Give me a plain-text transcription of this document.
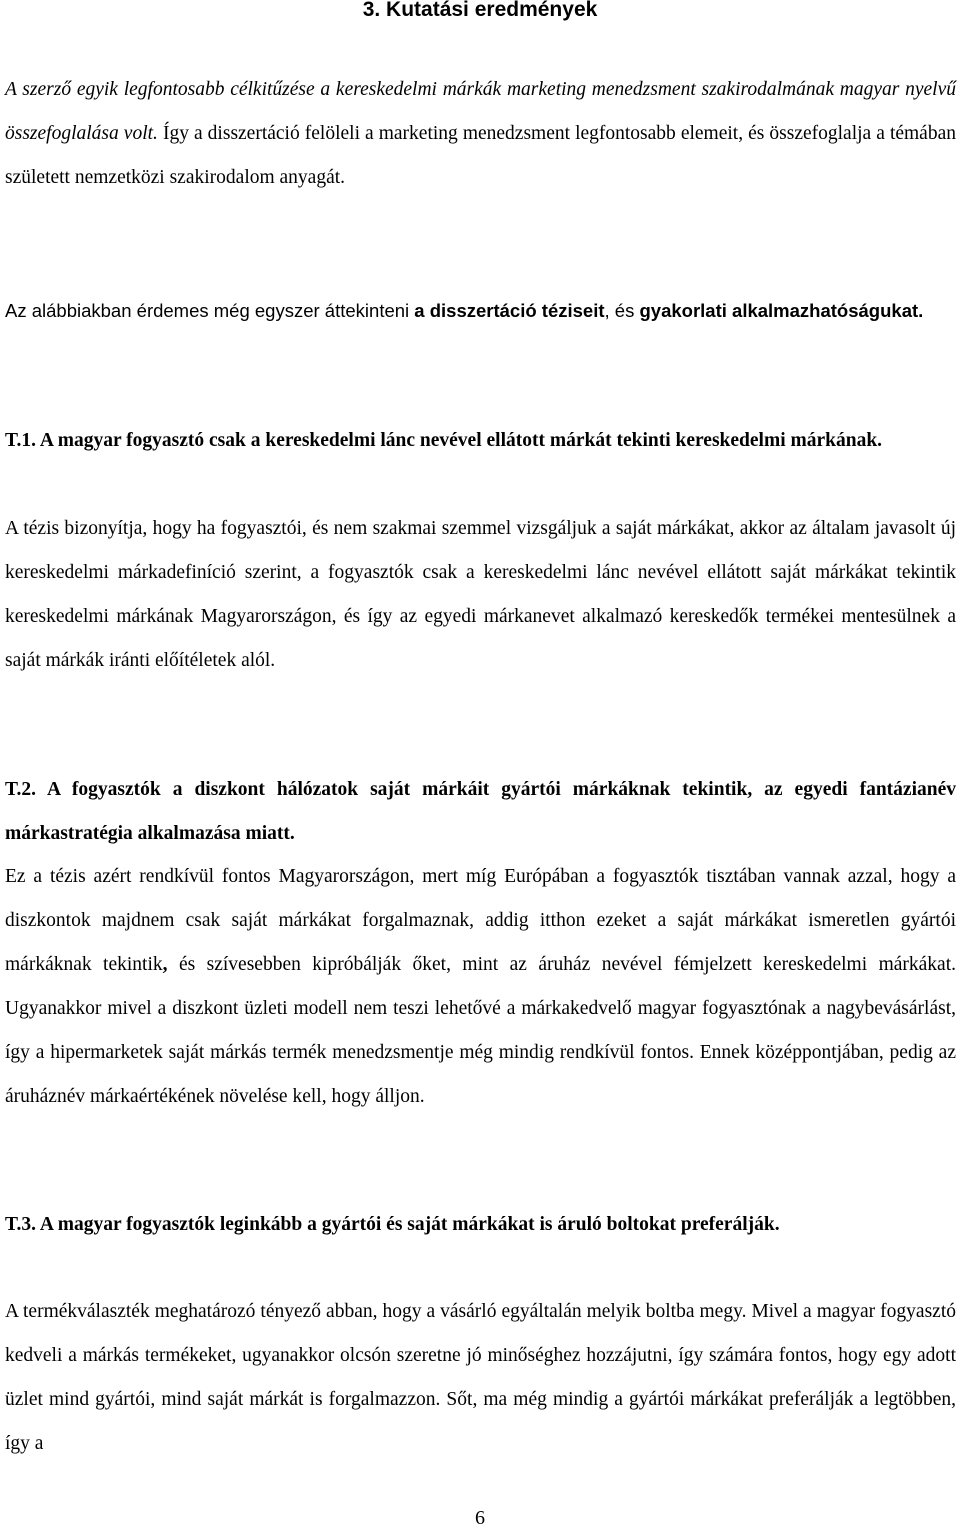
3. Kutatási eredmények

A szerző egyik legfontosabb célkitűzése a kereskedelmi márkák marketing menedzsment szakirodalmának magyar nyelvű összefoglalása volt. Így a disszertáció felöleli a marketing menedzsment legfontosabb elemeit, és összefoglalja a témában született nemzetközi szakirodalom anyagát.

Az alábbiakban érdemes még egyszer áttekinteni a disszertáció téziseit, és gyakorlati alkalmazhatóságukat.

T.1. A magyar fogyasztó csak a kereskedelmi lánc nevével ellátott márkát tekinti kereskedelmi márkának.

A tézis bizonyítja, hogy ha fogyasztói, és nem szakmai szemmel vizsgáljuk a saját márkákat, akkor az általam javasolt új kereskedelmi márkadefiníció szerint, a fogyasztók csak a kereskedelmi lánc nevével ellátott saját márkákat tekintik kereskedelmi márkának Magyarországon, és így az egyedi márkanevet alkalmazó kereskedők termékei mentesülnek a saját márkák iránti előítéletek alól.

T.2. A fogyasztók a diszkont hálózatok saját márkáit gyártói márkáknak tekintik, az egyedi fantázianév márkastratégia alkalmazása miatt.

Ez a tézis azért rendkívül fontos Magyarországon, mert míg Európában a fogyasztók tisztában vannak azzal, hogy a diszkontok majdnem csak saját márkákat forgalmaznak, addig itthon ezeket a saját márkákat ismeretlen gyártói márkáknak tekintik, és szívesebben kipróbálják őket, mint az áruház nevével fémjelzett kereskedelmi márkákat. Ugyanakkor mivel a diszkont üzleti modell nem teszi lehetővé a márkakedvelő magyar fogyasztónak a nagybevásárlást, így a hipermarketek saját márkás termék menedzsmentje még mindig rendkívül fontos. Ennek középpontjában, pedig az áruháznév márkaértékének növelése kell, hogy álljon.

T.3. A magyar fogyasztók leginkább a gyártói és saját márkákat is áruló boltokat preferálják.

A termékválaszték meghatározó tényező abban, hogy a vásárló egyáltalán melyik boltba megy. Mivel a magyar fogyasztó kedveli a márkás termékeket, ugyanakkor olcsón szeretne jó minőséghez hozzájutni, így számára fontos, hogy egy adott üzlet mind gyártói, mind saját márkát is forgalmazzon. Sőt, ma még mindig a gyártói márkákat preferálják a legtöbben, így a

6
